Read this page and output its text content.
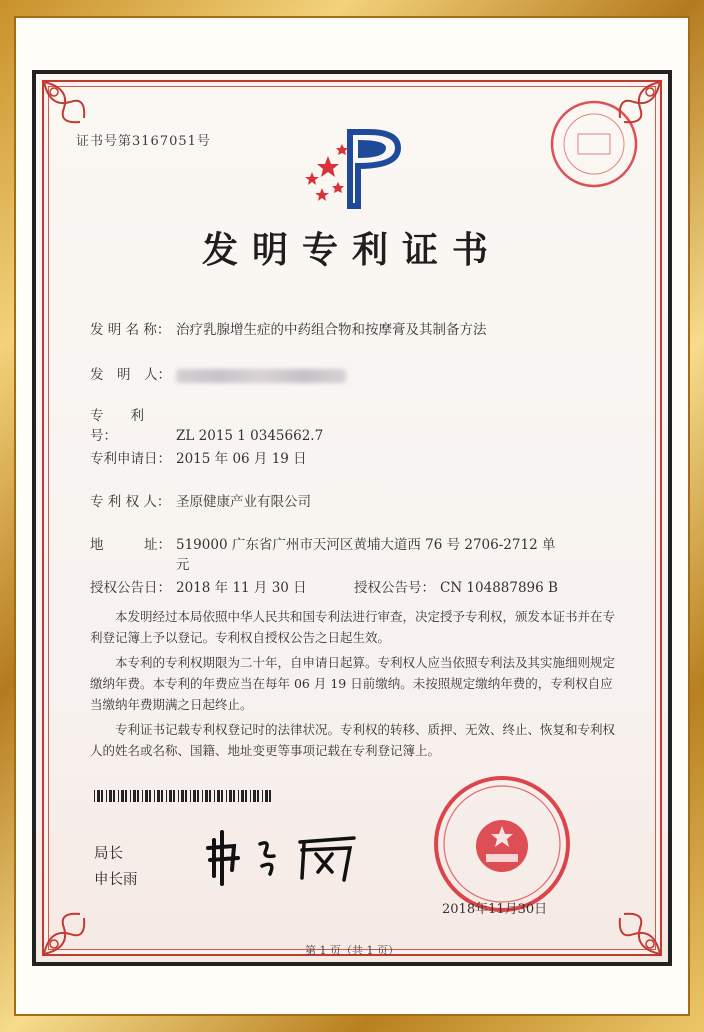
证书号第3167051号
发明专利证书
发 明 名 称： 治疗乳腺增生症的中药组合物和按摩膏及其制备方法
发　明　人：
专　　利　号：	ZL 2015 1 0345662.7
专利申请日： 2015 年 06 月 19 日
专 利 权 人： 圣原健康产业有限公司
地　　　址： 519000 广东省广州市天河区黄埔大道西 76 号 2706-2712 单
元
授权公告日： 2018 年 11 月 30 日	授权公告号： CN 104887896 B
本发明经过本局依照中华人民共和国专利法进行审查，决定授予专利权，颁发本证书并在专利登记簿上予以登记。专利权自授权公告之日起生效。
本专利的专利权期限为二十年，自申请日起算。专利权人应当依照专利法及其实施细则规定缴纳年费。本专利的年费应当在每年 06 月 19 日前缴纳。未按照规定缴纳年费的，专利权自应当缴纳年费期满之日起终止。
专利证书记载专利权登记时的法律状况。专利权的转移、质押、无效、终止、恢复和专利权人的姓名或名称、国籍、地址变更等事项记载在专利登记簿上。
局长
申长雨
2018年11月30日
第 1 页（共 1 页）
